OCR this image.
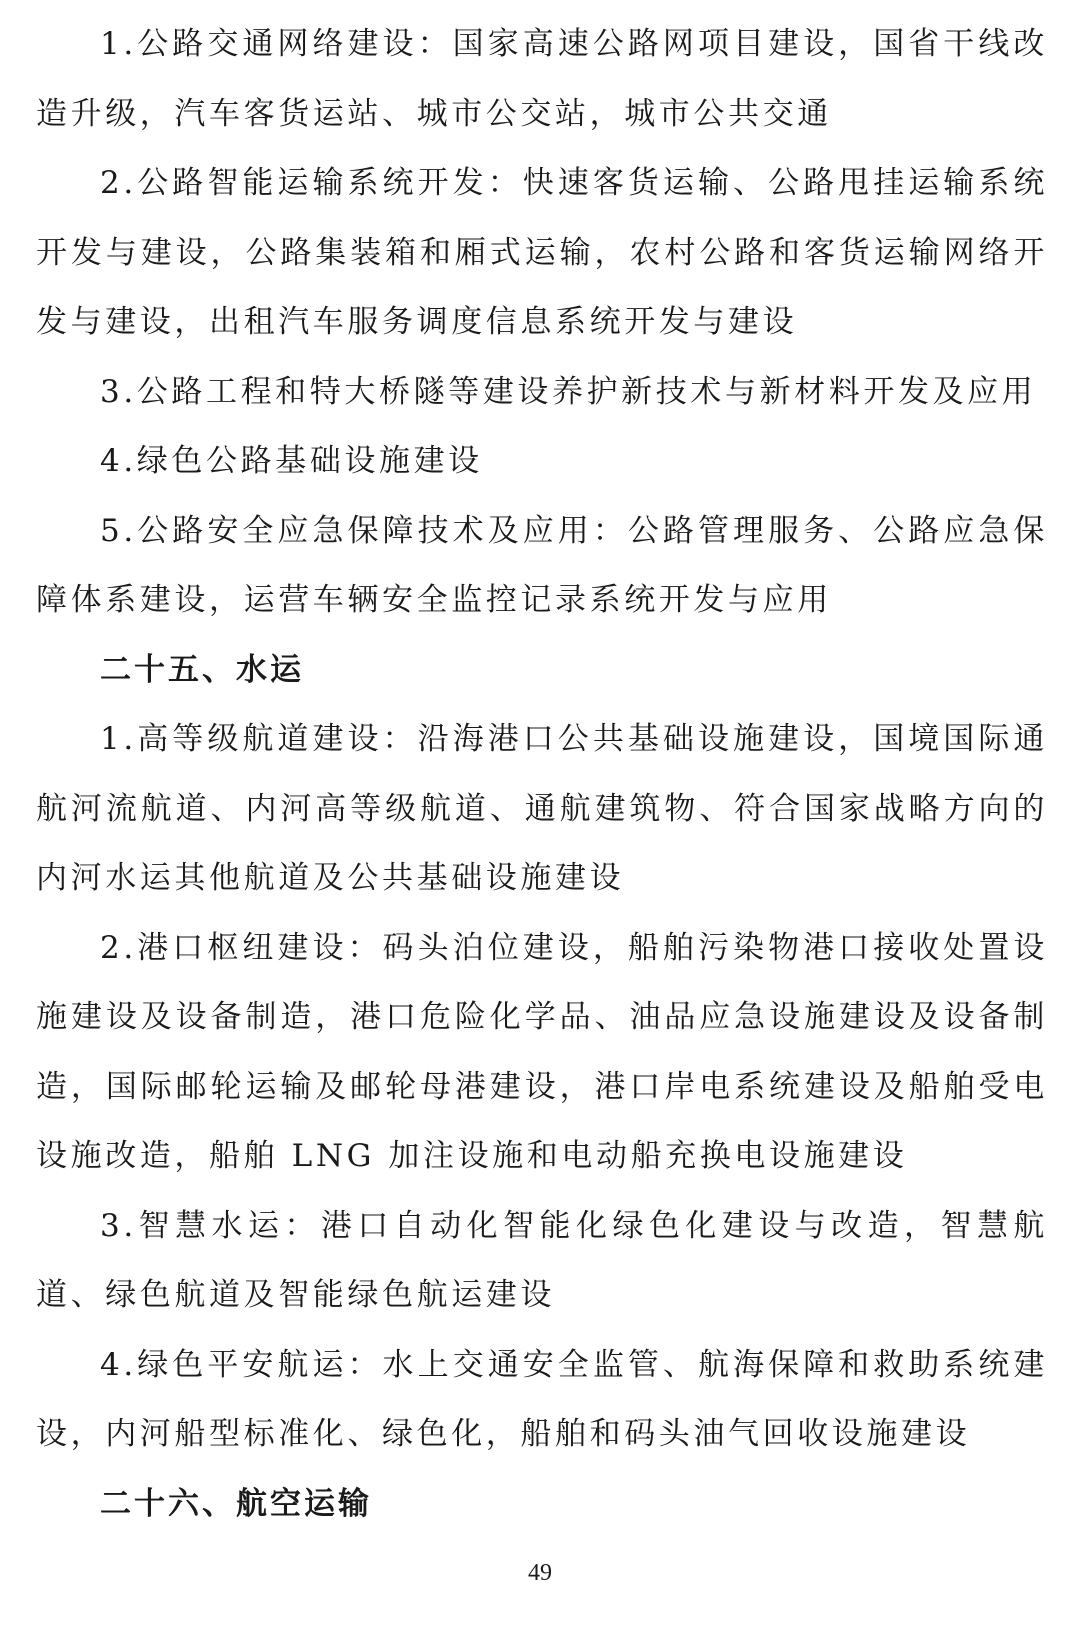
1.公路交通网络建设：国家高速公路网项目建设，国省干线改造升级，汽车客货运站、城市公交站，城市公共交通

2.公路智能运输系统开发：快速客货运输、公路甩挂运输系统开发与建设，公路集装箱和厢式运输，农村公路和客货运输网络开发与建设，出租汽车服务调度信息系统开发与建设

3.公路工程和特大桥隧等建设养护新技术与新材料开发及应用

4.绿色公路基础设施建设

5.公路安全应急保障技术及应用：公路管理服务、公路应急保障体系建设，运营车辆安全监控记录系统开发与应用

二十五、水运

1.高等级航道建设：沿海港口公共基础设施建设，国境国际通航河流航道、内河高等级航道、通航建筑物、符合国家战略方向的内河水运其他航道及公共基础设施建设

2.港口枢纽建设：码头泊位建设，船舶污染物港口接收处置设施建设及设备制造，港口危险化学品、油品应急设施建设及设备制造，国际邮轮运输及邮轮母港建设，港口岸电系统建设及船舶受电设施改造，船舶 LNG 加注设施和电动船充换电设施建设

3.智慧水运：港口自动化智能化绿色化建设与改造，智慧航道、绿色航道及智能绿色航运建设

4.绿色平安航运：水上交通安全监管、航海保障和救助系统建设，内河船型标准化、绿色化，船舶和码头油气回收设施建设

二十六、航空运输

49
